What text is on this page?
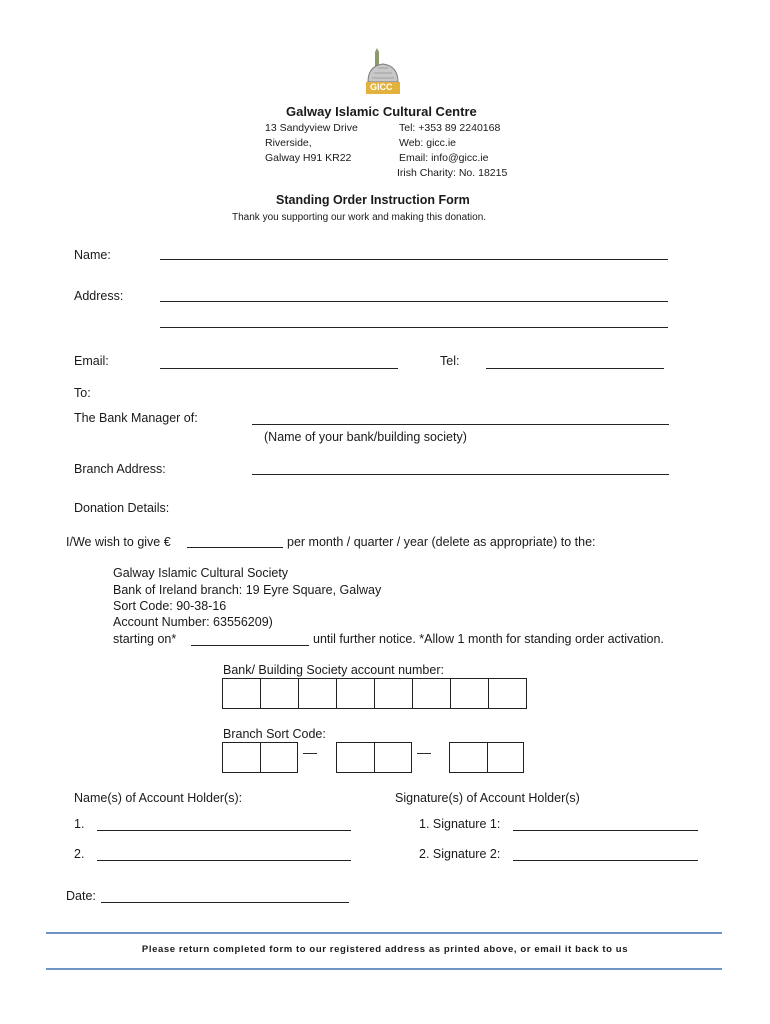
GICC
Galway Islamic Cultural Centre
13 Sandyview Drive
Riverside,
Galway H91 KR22
Tel: +353 89 2240168
Web: gicc.ie
Email: info@gicc.ie
Irish Charity: No. 18215
Standing Order Instruction Form
Thank you supporting our work and making this donation.
Name:
Address:
Email:	Tel:
To:
The Bank Manager of:
(Name of your bank/building society)
Branch Address:
Donation Details:
I/We wish to give €	per month / quarter / year (delete as appropriate) to the:
Galway Islamic Cultural Society
Bank of Ireland branch: 19 Eyre Square, Galway
Sort Code: 90-38-16
Account Number: 63556209)
starting on*	until further notice. *Allow 1 month for standing order activation.
Bank/ Building Society account number:
Branch Sort Code:
—	—
Name(s) of Account Holder(s):	Signature(s) of Account Holder(s)
1.	1. Signature 1:
2.	2. Signature 2:
Date:
Please return completed form to our registered address as printed above, or email it back to us
